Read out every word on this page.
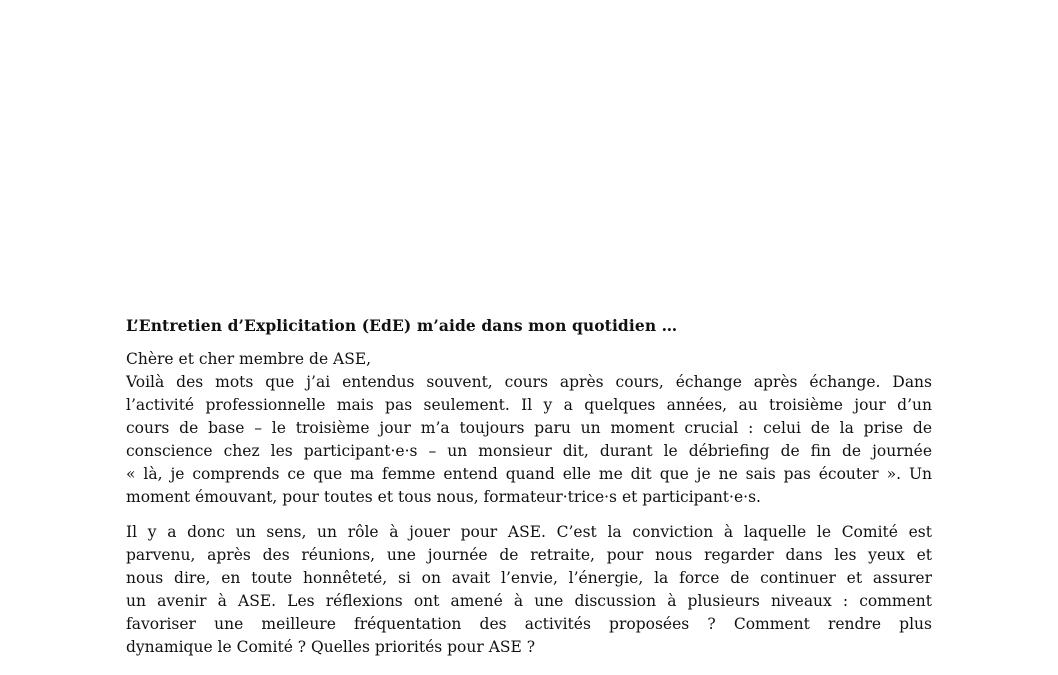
L’Entretien d’Explicitation (EdE) m’aide dans mon quotidien …
Chère et cher membre de ASE,
Voilà des mots que j’ai entendus souvent, cours après cours, échange après échange. Dans
l’activité professionnelle mais pas seulement. Il y a quelques années, au troisième jour d’un
cours de base – le troisième jour m’a toujours paru un moment crucial : celui de la prise de
conscience chez les participant·e·s – un monsieur dit, durant le débriefing de fin de journée
« là, je comprends ce que ma femme entend quand elle me dit que je ne sais pas écouter ». Un
moment émouvant, pour toutes et tous nous, formateur·trice·s et participant·e·s.
Il y a donc un sens, un rôle à jouer pour ASE. C’est la conviction à laquelle le Comité est
parvenu, après des réunions, une journée de retraite, pour nous regarder dans les yeux et
nous dire, en toute honnêteté, si on avait l’envie, l’énergie, la force de continuer et assurer
un avenir à ASE. Les réflexions ont amené à une discussion à plusieurs niveaux : comment
favoriser une meilleure fréquentation des activités proposées ? Comment rendre plus
dynamique le Comité ? Quelles priorités pour ASE ?
